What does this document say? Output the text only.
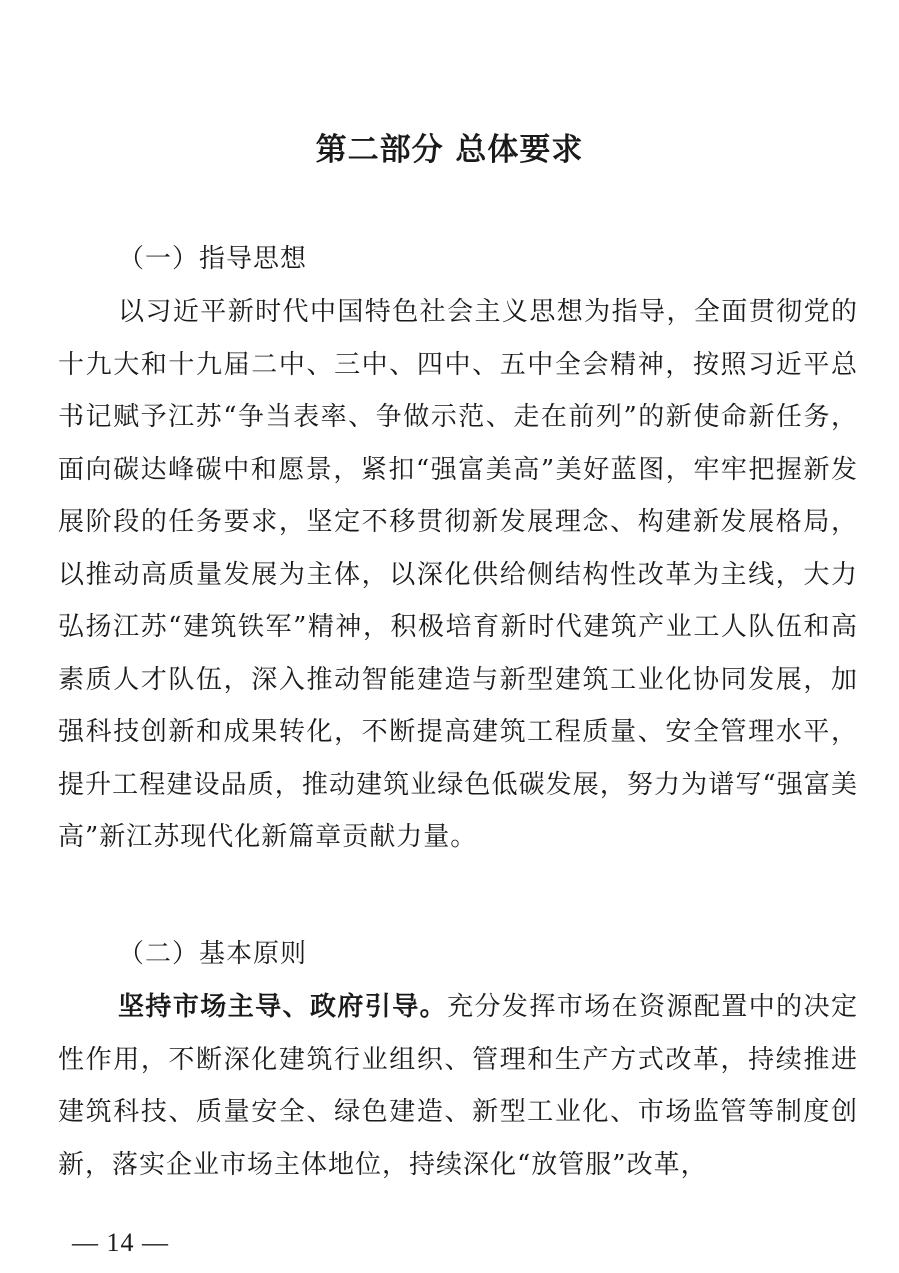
第二部分 总体要求

（一）指导思想

以习近平新时代中国特色社会主义思想为指导，全面贯彻党的十九大和十九届二中、三中、四中、五中全会精神，按照习近平总书记赋予江苏“争当表率、争做示范、走在前列”的新使命新任务，面向碳达峰碳中和愿景，紧扣“强富美高”美好蓝图，牢牢把握新发展阶段的任务要求，坚定不移贯彻新发展理念、构建新发展格局，以推动高质量发展为主体，以深化供给侧结构性改革为主线，大力弘扬江苏“建筑铁军”精神，积极培育新时代建筑产业工人队伍和高素质人才队伍，深入推动智能建造与新型建筑工业化协同发展，加强科技创新和成果转化，不断提高建筑工程质量、安全管理水平，提升工程建设品质，推动建筑业绿色低碳发展，努力为谱写“强富美高”新江苏现代化新篇章贡献力量。

（二）基本原则

坚持市场主导、政府引导。充分发挥市场在资源配置中的决定性作用，不断深化建筑行业组织、管理和生产方式改革，持续推进建筑科技、质量安全、绿色建造、新型工业化、市场监管等制度创新，落实企业市场主体地位，持续深化“放管服”改革，

— 14 —
